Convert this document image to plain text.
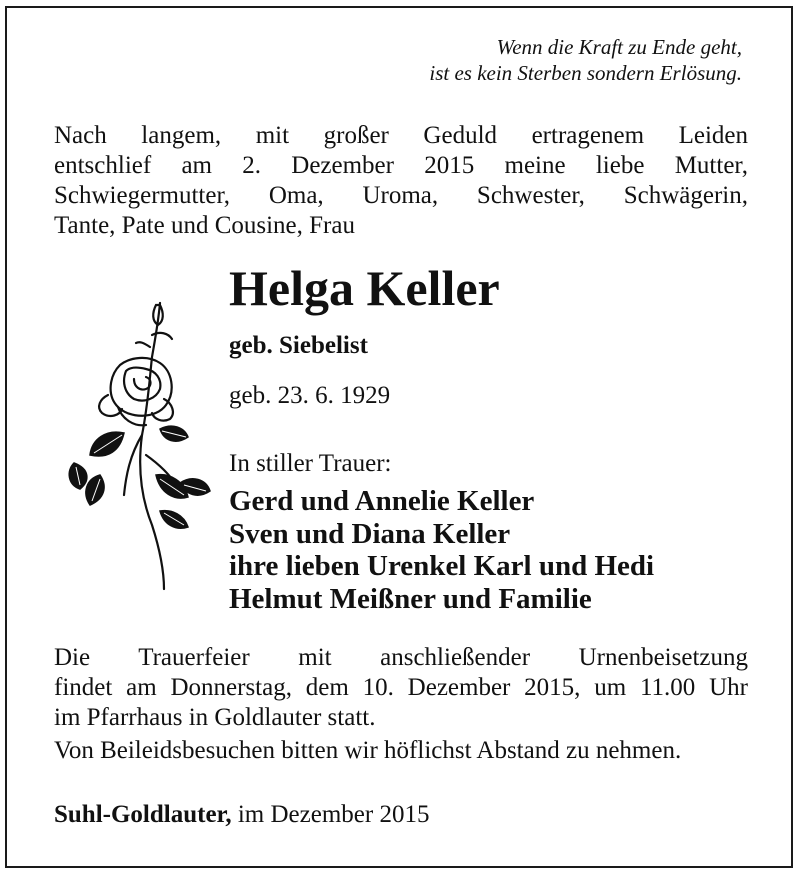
Wenn die Kraft zu Ende geht,
ist es kein Sterben sondern Erlösung.
Nach langem, mit großer Geduld ertragenem Leiden
entschlief am 2. Dezember 2015 meine liebe Mutter,
Schwiegermutter, Oma, Uroma, Schwester, Schwägerin,
Tante, Pate und Cousine, Frau
Helga Keller
geb. Siebelist
geb. 23. 6. 1929
In stiller Trauer:
Gerd und Annelie Keller
Sven und Diana Keller
ihre lieben Urenkel Karl und Hedi
Helmut Meißner und Familie
Die Trauerfeier mit anschließender Urnenbeisetzung
findet am Donnerstag, dem 10. Dezember 2015, um 11.00 Uhr
im Pfarrhaus in Goldlauter statt.
Von Beileidsbesuchen bitten wir höflichst Abstand zu nehmen.
Suhl-Goldlauter, im Dezember 2015
